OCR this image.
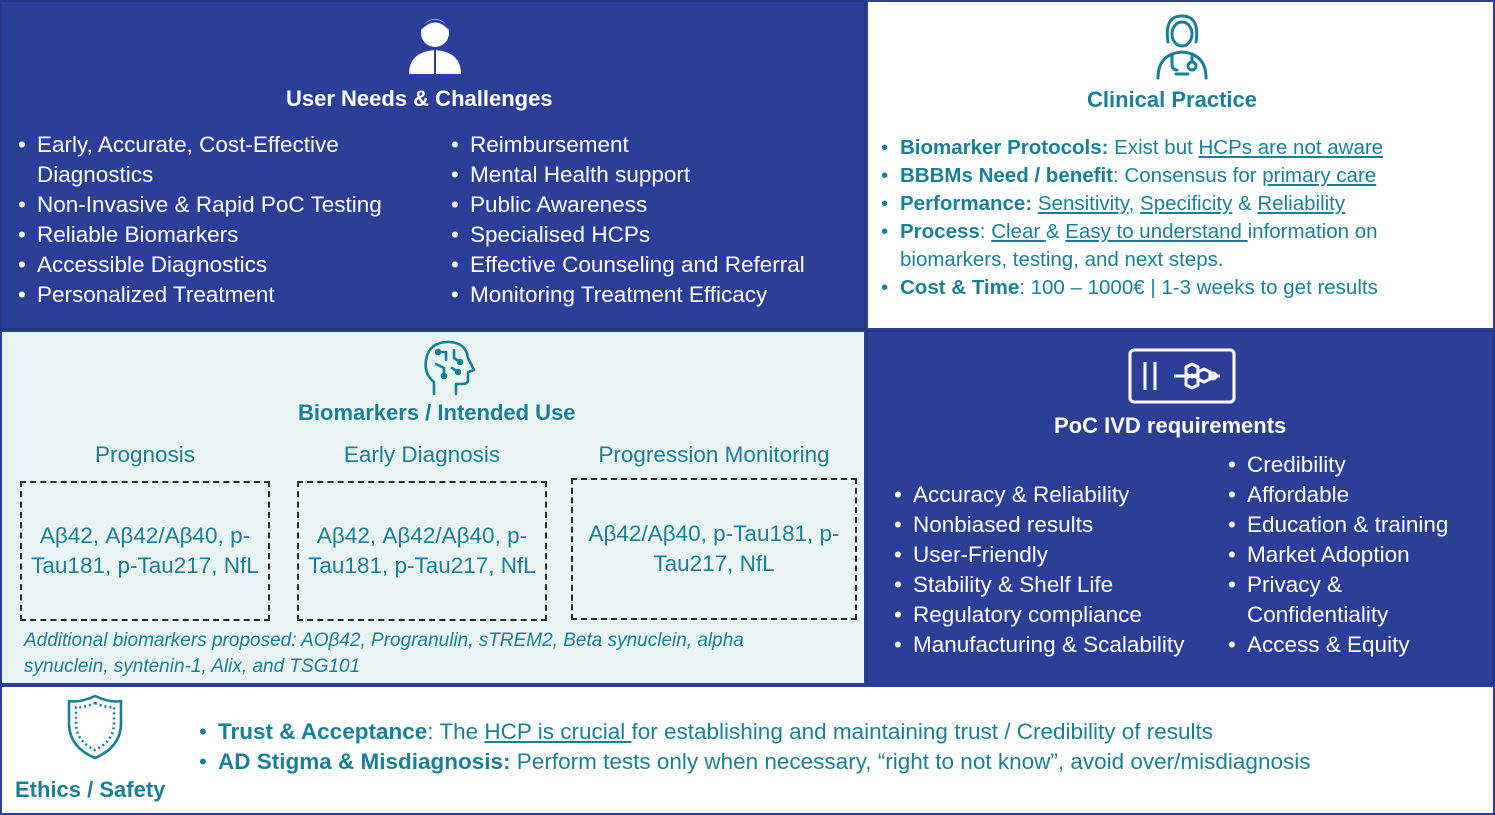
User Needs & Challenges
• Early, Accurate, Cost-Effective Diagnostics
• Non-Invasive & Rapid PoC Testing
• Reliable Biomarkers
• Accessible Diagnostics
• Personalized Treatment
• Reimbursement
• Mental Health support
• Public Awareness
• Specialised HCPs
• Effective Counseling and Referral
• Monitoring Treatment Efficacy
Clinical Practice
• Biomarker Protocols: Exist but HCPs are not aware
• BBBMs Need / benefit: Consensus for primary care
• Performance: Sensitivity, Specificity & Reliability
• Process: Clear & Easy to understand information on biomarkers, testing, and next steps.
• Cost & Time: 100 – 1000€ | 1-3 weeks to get results
Biomarkers / Intended Use
Prognosis	Early Diagnosis	Progression Monitoring
Aβ42, Aβ42/Aβ40, p-Tau181, p-Tau217, NfL
Aβ42, Aβ42/Aβ40, p-Tau181, p-Tau217, NfL
Aβ42/Aβ40, p-Tau181, p-Tau217, NfL
Additional biomarkers proposed: AOβ42, Progranulin, sTREM2, Beta synuclein, alpha synuclein, syntenin-1, Alix, and TSG101
PoC IVD requirements
• Accuracy & Reliability
• Nonbiased results
• User-Friendly
• Stability & Shelf Life
• Regulatory compliance
• Manufacturing & Scalability
• Credibility
• Affordable
• Education & training
• Market Adoption
• Privacy & Confidentiality
• Access & Equity
Ethics / Safety
• Trust & Acceptance: The HCP is crucial for establishing and maintaining trust / Credibility of results
• AD Stigma & Misdiagnosis: Perform tests only when necessary, “right to not know”, avoid over/misdiagnosis
